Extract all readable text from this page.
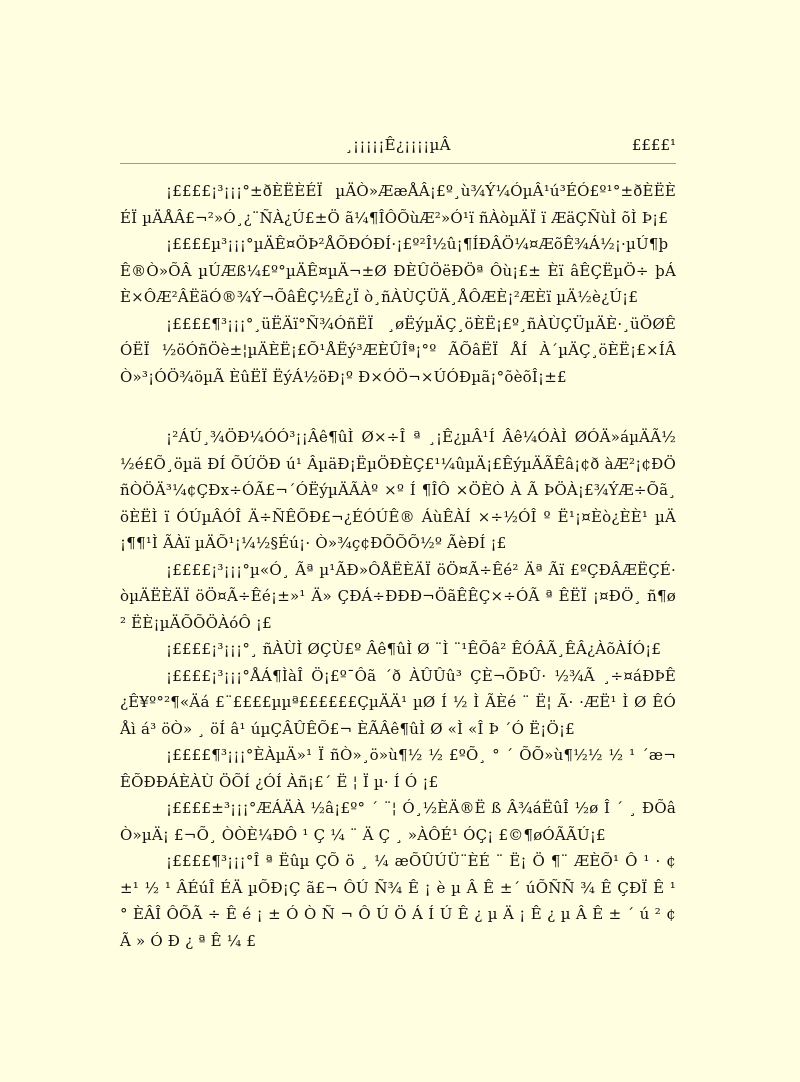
¸¡¡¡¡¡Ê¿¡¡¡¡µÂ	££££¹

¡££££¡³¡¡¡°±ðÈËÈÉÏ µÄÒ»ÆæÅÂ¡£º¸ù¾Ý¼ÓµÂ¹ú³ÉÓ£º¹°±ðÈËÈÉÏ µÄÅÂ£¬²»Ó¸¿¨ÑÀ¿Ú£±Ö ã¼¶ÎÔÕùÆ²»Ó¹ï ñÀòµÄÏ ï ÆäÇÑùÌ õÌ Þ¡£

¡££££µ³¡¡¡°µÄÊ¤ÖÞ²ÅÕÐÓÐÍ·¡£º²Î½û¡¶ÍÐÂÖ¼¤ÆõÊ¾Á½¡·µÚ¶þÊ®Ò»ÕÂ µÚÆß¼£º°µÄÊ¤µÄ¬±Ø ÐÈÛÖëÐÖª Ôù¡£± Èï âÊÇËµÖ÷ þÁÈ×ÔÆ²ÂËäÓ®¾Ý¬ÕâÊÇ½Ê¿Ï ò¸ñÀÙÇÜÄ¸ÅÔÆÈ¡²ÆÈï µÄ½è¿Ú¡£

¡££££¶³¡¡¡°¸üËÄï°Ñ¾ÓñËÏ ¸øËýµÄÇ¸öÈË¡£º¸ñÀÙÇÜµÄÈ·¸üÖØÊÓËÏ ½öÓñÖè±¦µÄÈË¡£Õ¹ÅËý³ÆÈÛÎª¡°º ÃÕâËÏ ÅÍ À´µÄÇ¸öÈË¡£×ÍÂÒ»³¡ÓÖ¾öµÃ ÈûËÏ ËýÁ½öÐ¡º Ð×ÓÖ¬×ÚÓÐµã¡°õèõÎ¡±£

¡²ÁÚ¸¾ÖÐ¼ÓÓ³¡¡Âê¶ûÌ Ø×÷Î ª ¸¡Ê¿µÂ¹Í Âê¼ÓÀÌ ØÓÄ»áµÄÃ½½é£Õ¸öµä ÐÍ ÕÚÖÐ ú¹ ÂµäÐ¡ËµÖÐÈÇ£¹¼ûµÄ¡£ÊýµÄÃÊâ¡¢ð àÆ²¡¢ÐÖ ñÒÖÄ³¼¢ÇÐx÷ÓÃ£¬´ÓËýµÄÃÀº ×º Í ¶ÎÔ ×ÖÈÒ À Ã ÞÖÀ¡£¾ÝÆ÷Õã¸ öÈËÌ ï ÓÚµÂÓÎ Ä÷ÑÊÕÐ£¬¿ÉÓÚÊ® ÁùÊÀÍ ×÷½ÓÎ º Ë¹¡¤Èò¿ÈÈ¹ µÄ¡¶¶¹Ì ÃÀï µÄÕ¹¡¼½§Éú¡· Ò»¾ç¢ÐÕÕÕ½º ÃèÐÍ ¡£

¡££££¡³¡¡¡°µ«Ó¸ Ãª µ¹ÃÐ»ÔÅËÈÄÏ öÖ¤Ã÷Êé² Äª Ãï £ºÇÐÂÆËÇÉ·òµÄËÈÄÏ öÖ¤Ã÷Êé¡±»¹ Ä» ÇÐÁ÷ÐÐÐ¬ÖãÊÊÇ×÷ÓÃ ª ÊËÏ ¡¤ÐÖ¸ ñ¶ø² ËÈ¡µÄÕÕÖÀóÔ ¡£

¡££££¡³¡¡¡°¸ ñÀÙÌ ØÇÙ£º Âê¶ûÌ Ø ¨Ì ¨¹ÊÕâ² ÊÓÂÃ¸ÊÂ¿ÀõÀÍÓ¡£

¡££££¡³¡¡¡°ÅÁ¶ÌàÎ Ö¡£º¯Ôã ´ð ÀÛÛû³ ÇÈ¬ÕÞÛ· ½¾Ã ¸÷¤áÐÞÊ¿Ê¥º°²¶«Äá £¨££££µµª££££££ÇµÄÄ¹ µØ Í ½ Ì ÃÈé ¨ Ë¦ Ã· ·ÆË¹ Ì Ø ÊÓÅì á³ öÒ» ¸ öÍ â¹ úµÇÂÛÊÕ£¬ ÈÃÂê¶ûÌ Ø «Ì «Î Þ ´Ó Ë¡Ö¡£

¡££££¶³¡¡¡°ÈÀµÄ»¹ Ï ñÒ»¸ö»ù¶½ ½ £ºÕ¸ ° ´ ÕÕ»ù¶½½ ½ ¹ ´æ¬ÊÕÐÐÁÈÀÙ ÖÕÍ ¿ÓÍ Àñ¡£´ Ë ¦ Ï µ· Í Ó ¡£

¡££££±³¡¡¡°ÆÁÄÀ ½â¡£º° ´ ¨¦ Ó¸½ÈÄ®Ë ß Â¾áËûÎ ½ø Î ´ ¸ ÐÕâÒ»µÄ¡ £¬Õ¸ ÒÒÈ¼ÐÔ ¹ Ç ¼ ¨ Ä Ç ¸ »ÀÔÉ¹ ÓÇ¡ £©¶øÓÃÃÚ¡£

¡££££¶³¡¡¡°Î ª Ëûµ ÇÕ ö ¸ ¼ æÕÛÚÜ¨ÈÉ ¨ Ë¡ Ö ¶¨ ÆÈÕ¹ Ô ¹ · ¢ ±¹ ½ ¹ ÂÉúÎ ÉÄ µÕÐ¡Ç ã£¬ ÔÚ Ñ¾ Ê ¡ è µ Â Ê ±´ úÕÑÑ ¾ Ê ÇÐÏ Ê ¹ ° ÈÂÎ ÔÕÃ ÷ Ê é ¡ ± Ó Ò Ñ ¬ Ô Ú Ö Á Í Ú Ê ¿ µ Ä ¡ Ê ¿ µ Â Ê ± ´ ú ² ¢ Ã » Ó Ð ¿ ª Ê ¼ £
